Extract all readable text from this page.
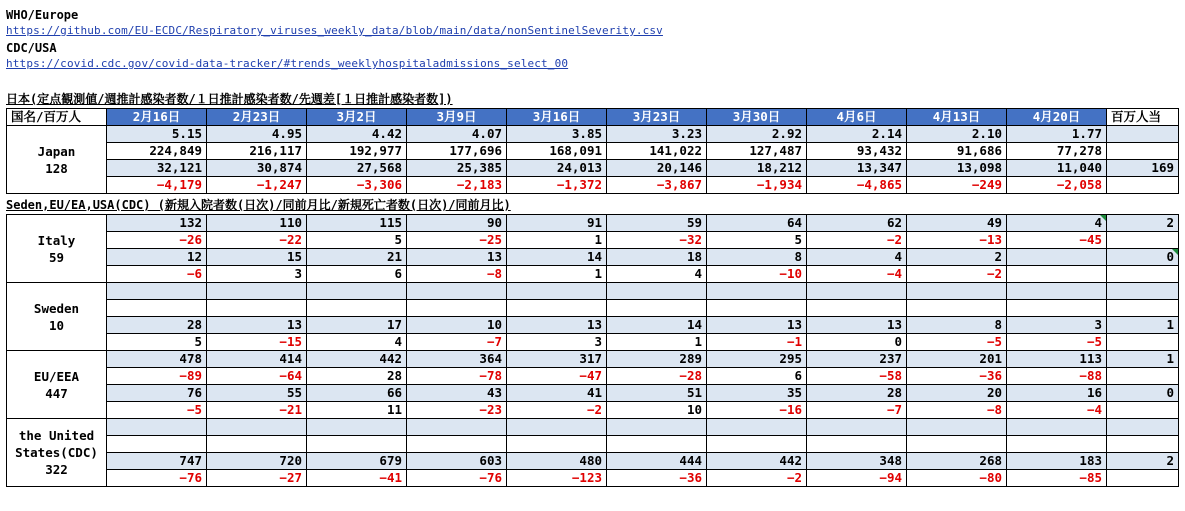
WHO/Europe
https://github.com/EU-ECDC/Respiratory_viruses_weekly_data/blob/main/data/nonSentinelSeverity.csv
CDC/USA
https://covid.cdc.gov/covid-data-tracker/#trends_weeklyhospitaladmissions_select_00
日本(定点観測値/週推計感染者数/１日推計感染者数/先週差[１日推計感染者数])
国名/百万人	2月16日	2月23日	3月2日	3月9日	3月16日	3月23日	3月30日	4月6日	4月13日	4月20日	百万人当

Japan
128	5.15	4.95	4.42	4.07	3.85	3.23	2.92	2.14	2.10	1.77	
	224,849	216,117	192,977	177,696	168,091	141,022	127,487	93,432	91,686	77,278	
	32,121	30,874	27,568	25,385	24,013	20,146	18,212	13,347	13,098	11,040	169
	−4,179	−1,247	−3,306	−2,183	−1,372	−3,867	−1,934	−4,865	−249	−2,058	
Seden,EU/EA,USA(CDC) (新規入院者数(日次)/同前月比/新規死亡者数(日次)/同前月比)
Italy
59	132	110	115	90	91	59	64	62	49	4	2
	−26	−22	5	−25	1	−32	5	−2	−13	−45	
	12	15	21	13	14	18	8	4	2		0
	−6	3	6	−8	1	4	−10	−4	−2		

Sweden
10											

	28	13	17	10	13	14	13	13	8	3	1
	5	−15	4	−7	3	1	−1	0	−5	−5	

EU/EEA
447	478	414	442	364	317	289	295	237	201	113	1
	−89	−64	28	−78	−47	−28	6	−58	−36	−88	
	76	55	66	43	41	51	35	28	20	16	0
	−5	−21	11	−23	−2	10	−16	−7	−8	−4	

the United States(CDC)
322											

	747	720	679	603	480	444	442	348	268	183	2
	−76	−27	−41	−76	−123	−36	−2	−94	−80	−85	
